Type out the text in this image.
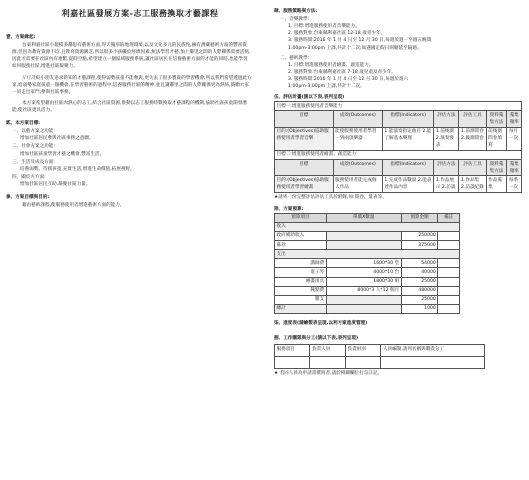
利嘉社區發展方案-志工服務換取才藝課程
壹、方案緣起:
台東利嘉社區小規模多鄰思有藝術方面,得天獨厚的地理環境,以及文化多元的民族性,擁有潛藏藝術方面的豐富資源;但因為教育資源不均,且教育資源匱乏,所以很多小孩礙於經濟因素,無法學習才藝,加上鄰里之間的人際關係需要活絡,因此才需要在社區內有連繫,從時空點,希望建立一個區域服務系統,讓社區居民在培養藝術方面的才能的同時,也能學習如何服務社區,增進社區凝聚力。
斤斤計較小朋友追求新知的才藝課程,使得弱勢孩童不能參與,更失去了很多寶貴的學習機會;所以我們希望透過此方案,給弱勢家庭孩童一個機會,在學習藝術的過程中,培養服務社區的精神,並且讓鄰里之間的人際關係更為熱絡,鼓勵大家一同走出家門,參與社區事務。
本方案希望藉由社區內熱心的志工,結合社區資源,推動以志工服務時數換取才藝課程的機制,協助社區孩童開發潛能,使社區更具活力。
貳、本方案目標:
一、以藝方案之功能:
增加社區居民參與社區事務之意願。
二、社會方案之功能:
增加社區孩童學習才藝之機會,豐富生活。
三、生活及成長方面:
培養弱勢、待援孩童,充實生活,增進生命價值,拓展視野。
四、關於方方面:
增加社區居民互助,凝聚社區力量。
參、方案目標與目的:
藉由藝術課程,使服務使用者增進藝術方面的能力。
肆、服務策略與方法:
一、音樂教學:
1. 目標:增進服務使用者音樂能力。
2. 服務對象:台東縣利嘉社區 12-18 歲青少年。
3. 服務時間:2016 年 1 月 4 日至 12 月 30 日,每週於週一至週五晚間
1:00pm-3:00pm 上課,共計十二次;如遇國定假日則順延至隔週。
二、藝術教學:
1. 目標:增進服務使用者繪畫、創造能力。
2. 服務對象:台東縣利嘉社區 7-18 歲兒童及青少年。
3. 服務時間:2016 年 1 月 4 日至 12 月 30 日,每週於週六
1:00pm-3:00pm 上課,共計十二次。
伍、評估計畫(請以下表,表列呈現)
目標一:增進服務使用者音樂能力						
目標	成效(Outcomes)	指標(Indicators)	評估方法	評估工具	資料蒐集方法	蒐集頻率
目的:(Objectives)協助服務使用者學習音樂	能使服務使用者學習一到兩項樂器	1.能演奏指定曲目 2.能了解基本樂理	1.前後測 2.演奏發表	1.前測問卷 2.後測問卷	前後測問卷填寫	每月一次
目標二:增進服務使用者繪畫、創造能力						
目標	成效(Outcomes)	指標(Indicators)	評估方法	評估工具	資料蒐集方法	蒐集頻率
目的:(Objectives)協助服務使用者學習繪畫	服務使用者能完成個人作品	1.完成作品數量 2.能表達作品內容	1.作品展示 2.訪談	1.作品集 2.訪談紀錄	作品蒐集	每季一次
★請列一份完整評估評估工具於附錄,如:問卷、量表等。
陸、方案預算:
預算項目	單價X數量	預算金額	備註
收入			
政府補助收入		250000	
募款		375000	
支出			
講師費	1600*30 堂	54000	
電子琴	4000*10 台	40000	
繪畫用具	1800*30 組	25000	
鐘點費	8000*3 人*12 個月	480000	
雜支		25000	
總計		1000	
柒、進度表(請繪製表呈現,以利方案進度管理)
捌、工作團隊與分工(請以下表,表列呈現)
服務項目	負責人員	負責組別	人員編制,請列名稱與職責分工

★ 若同人員為申請書撰寫者,請於相關欄位打勾註記。
